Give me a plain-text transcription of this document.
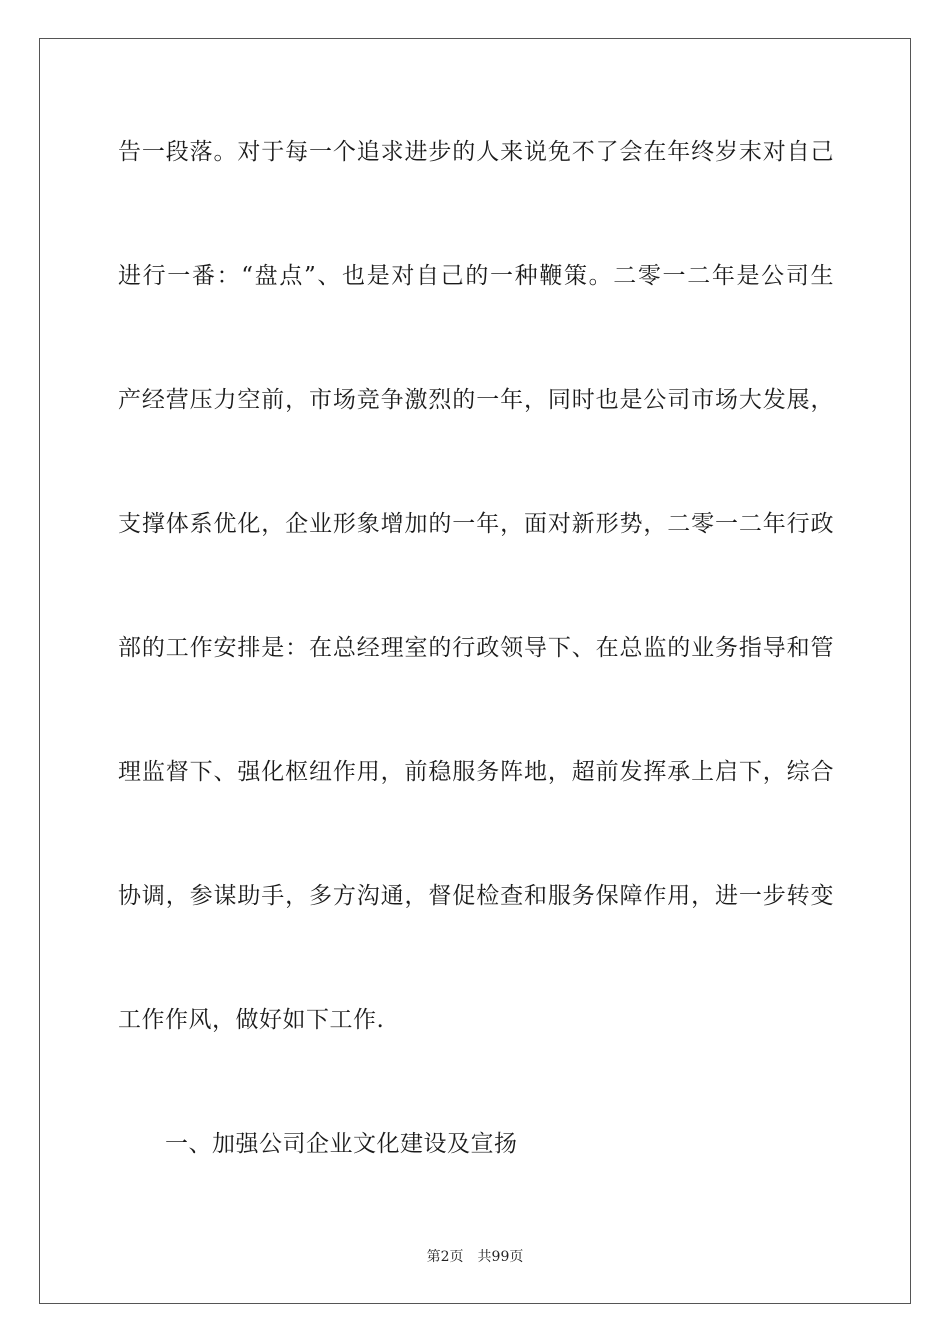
告一段落。对于每一个追求进步的人来说免不了会在年终岁末对自己
进行一番：“盘点”、也是对自己的一种鞭策。二零一二年是公司生
产经营压力空前，市场竞争激烈的一年，同时也是公司市场大发展，
支撑体系优化，企业形象增加的一年，面对新形势，二零一二年行政
部的工作安排是：在总经理室的行政领导下、在总监的业务指导和管
理监督下、强化枢纽作用，前稳服务阵地，超前发挥承上启下，综合
协调，参谋助手，多方沟通，督促检查和服务保障作用，进一步转变
工作作风，做好如下工作.
一、加强公司企业文化建设及宣扬
第2页 共99页
